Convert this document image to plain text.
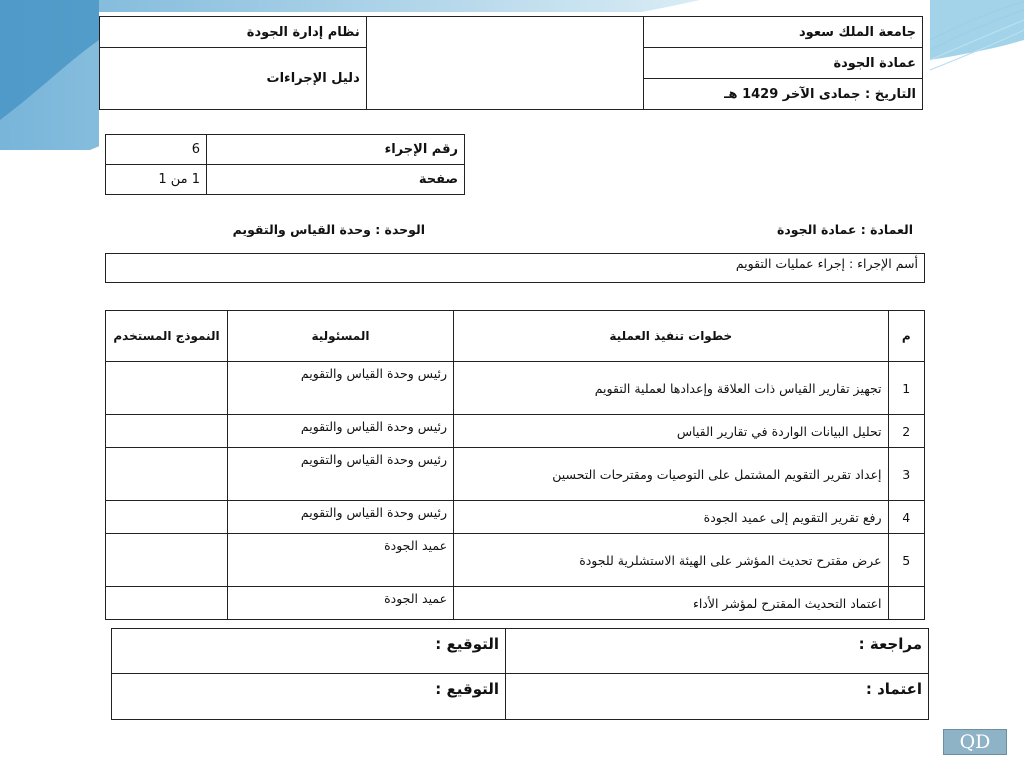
جامعة الملك سعود		نظام إدارة الجودة
عمادة الجودة		دليل الإجراءات
التاريخ : جمادى الآخر 1429 هـ		
رقم الإجراء	6
صفحة	1 من 1
العمادة : عمادة الجودة
الوحدة : وحدة القياس والتقويم
أسم الإجراء : إجراء عمليات التقويم
م	خطوات تنفيذ العملية	المسئولية	النموذج المستخدم
1	تجهيز تقارير القياس ذات العلاقة وإعدادها لعملية التقويم	رئيس وحدة القياس والتقويم	
2	تحليل البيانات الواردة في تقارير القياس	رئيس وحدة القياس والتقويم	
3	إعداد تقرير التقويم المشتمل على التوصيات ومقترحات التحسين	رئيس وحدة القياس والتقويم	
4	رفع تقرير التقويم إلى عميد الجودة	رئيس وحدة القياس والتقويم	
5	عرض مقترح تحديث المؤشر على الهيئة الاستشلرية للجودة	عميد الجودة	
	اعتماد التحديث المقترح لمؤشر الأداء	عميد الجودة	
مراجعة :	التوقيع :
اعتماد :	التوقيع :
QD
